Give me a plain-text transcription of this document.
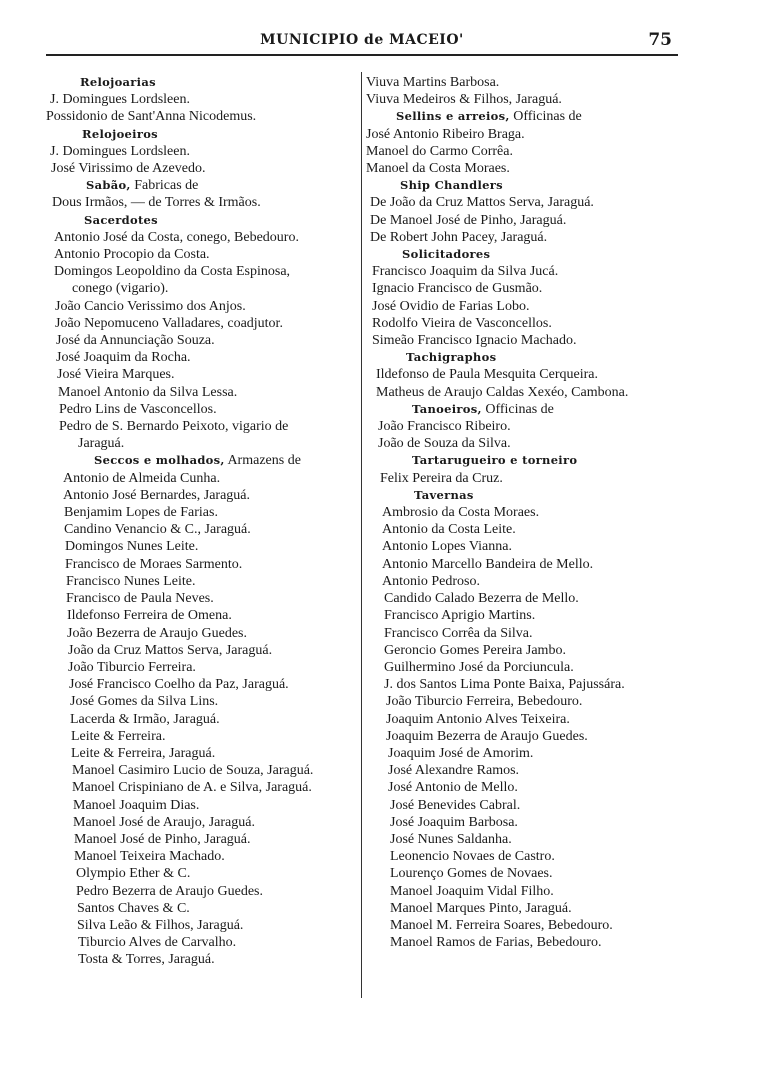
MUNICIPIO de MACEIO'	75
Relojoarias
J. Domingues Lordsleen.
Possidonio de Sant'Anna Nicodemus.
Relojoeiros
J. Domingues Lordsleen.
José Virissimo de Azevedo.
Sabão, Fabricas de
Dous Irmãos, — de Torres & Irmãos.
Sacerdotes
Antonio José da Costa, conego, Bebedouro.
Antonio Procopio da Costa.
Domingos Leopoldino da Costa Espinosa,
conego (vigario).
João Cancio Verissimo dos Anjos.
João Nepomuceno Valladares, coadjutor.
José da Annunciação Souza.
José Joaquim da Rocha.
José Vieira Marques.
Manoel Antonio da Silva Lessa.
Pedro Lins de Vasconcellos.
Pedro de S. Bernardo Peixoto, vigario de
Jaraguá.
Seccos e molhados, Armazens de
Antonio de Almeida Cunha.
Antonio José Bernardes, Jaraguá.
Benjamim Lopes de Farias.
Candino Venancio & C., Jaraguá.
Domingos Nunes Leite.
Francisco de Moraes Sarmento.
Francisco Nunes Leite.
Francisco de Paula Neves.
Ildefonso Ferreira de Omena.
João Bezerra de Araujo Guedes.
João da Cruz Mattos Serva, Jaraguá.
João Tiburcio Ferreira.
José Francisco Coelho da Paz, Jaraguá.
José Gomes da Silva Lins.
Lacerda & Irmão, Jaraguá.
Leite & Ferreira.
Leite & Ferreira, Jaraguá.
Manoel Casimiro Lucio de Souza, Jaraguá.
Manoel Crispiniano de A. e Silva, Jaraguá.
Manoel Joaquim Dias.
Manoel José de Araujo, Jaraguá.
Manoel José de Pinho, Jaraguá.
Manoel Teixeira Machado.
Olympio Ether & C.
Pedro Bezerra de Araujo Guedes.
Santos Chaves & C.
Silva Leão & Filhos, Jaraguá.
Tiburcio Alves de Carvalho.
Tosta & Torres, Jaraguá.
Viuva Martins Barbosa.
Viuva Medeiros & Filhos, Jaraguá.
Sellins e arreios, Officinas de
José Antonio Ribeiro Braga.
Manoel do Carmo Corrêa.
Manoel da Costa Moraes.
Ship Chandlers
De João da Cruz Mattos Serva, Jaraguá.
De Manoel José de Pinho, Jaraguá.
De Robert John Pacey, Jaraguá.
Solicitadores
Francisco Joaquim da Silva Jucá.
Ignacio Francisco de Gusmão.
José Ovidio de Farias Lobo.
Rodolfo Vieira de Vasconcellos.
Simeão Francisco Ignacio Machado.
Tachigraphos
Ildefonso de Paula Mesquita Cerqueira.
Matheus de Araujo Caldas Xexéo, Cambona.
Tanoeiros, Officinas de
João Francisco Ribeiro.
João de Souza da Silva.
Tartarugueiro e torneiro
Felix Pereira da Cruz.
Tavernas
Ambrosio da Costa Moraes.
Antonio da Costa Leite.
Antonio Lopes Vianna.
Antonio Marcello Bandeira de Mello.
Antonio Pedroso.
Candido Calado Bezerra de Mello.
Francisco Aprigio Martins.
Francisco Corrêa da Silva.
Geroncio Gomes Pereira Jambo.
Guilhermino José da Porciuncula.
J. dos Santos Lima Ponte Baixa, Pajussára.
João Tiburcio Ferreira, Bebedouro.
Joaquim Antonio Alves Teixeira.
Joaquim Bezerra de Araujo Guedes.
Joaquim José de Amorim.
José Alexandre Ramos.
José Antonio de Mello.
José Benevides Cabral.
José Joaquim Barbosa.
José Nunes Saldanha.
Leonencio Novaes de Castro.
Lourenço Gomes de Novaes.
Manoel Joaquim Vidal Filho.
Manoel Marques Pinto, Jaraguá.
Manoel M. Ferreira Soares, Bebedouro.
Manoel Ramos de Farias, Bebedouro.
